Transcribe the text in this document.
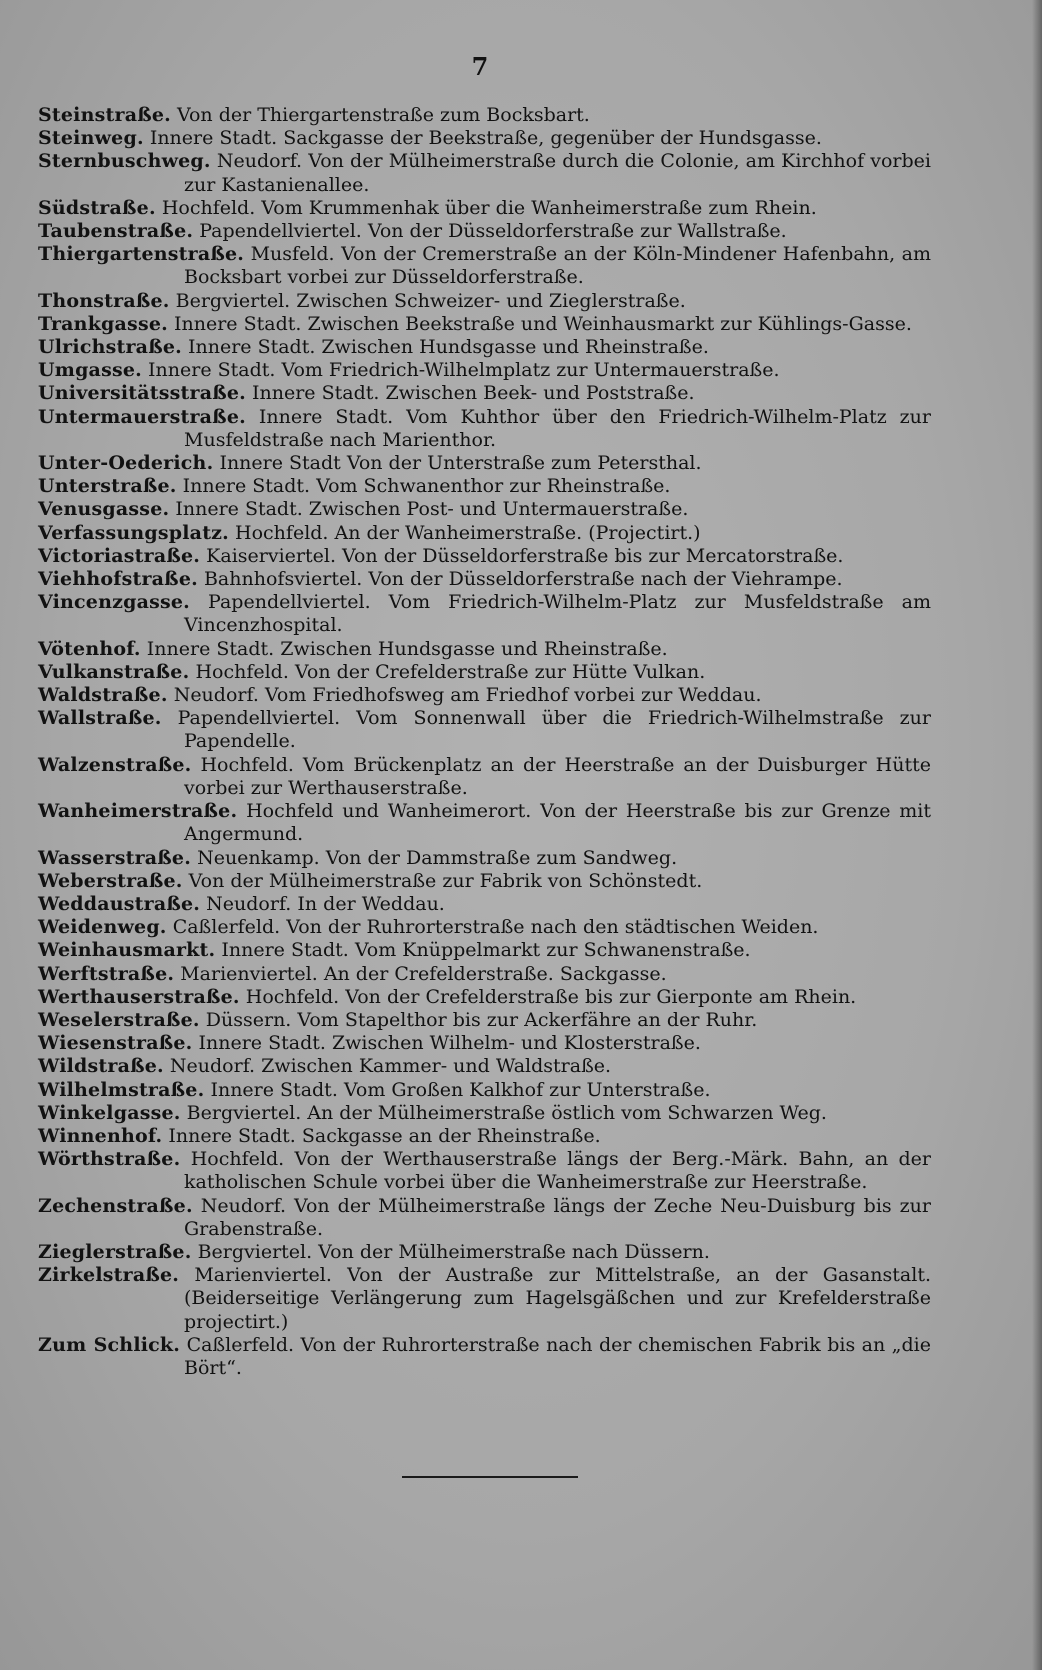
7

Steinstraße. Von der Thiergartenstraße zum Bocksbart.

Steinweg. Innere Stadt. Sackgasse der Beekstraße, gegenüber der Hundsgasse.

Sternbuschweg. Neudorf. Von der Mülheimerstraße durch die Colonie, am Kirchhof vorbei zur Kastanienallee.

Südstraße. Hochfeld. Vom Krummenhak über die Wanheimerstraße zum Rhein.

Taubenstraße. Papendellviertel. Von der Düsseldorferstraße zur Wallstraße.

Thiergartenstraße. Musfeld. Von der Cremerstraße an der Köln-Mindener Hafenbahn, am Bocksbart vorbei zur Düsseldorferstraße.

Thonstraße. Bergviertel. Zwischen Schweizer- und Zieglerstraße.

Trankgasse. Innere Stadt. Zwischen Beekstraße und Weinhausmarkt zur Kühlings-Gasse.

Ulrichstraße. Innere Stadt. Zwischen Hundsgasse und Rheinstraße.

Umgasse. Innere Stadt. Vom Friedrich-Wilhelmplatz zur Untermauerstraße.

Universitätsstraße. Innere Stadt. Zwischen Beek- und Poststraße.

Untermauerstraße. Innere Stadt. Vom Kuhthor über den Friedrich-Wilhelm-Platz zur Musfeldstraße nach Marienthor.

Unter-Oederich. Innere Stadt Von der Unterstraße zum Petersthal.

Unterstraße. Innere Stadt. Vom Schwanenthor zur Rheinstraße.

Venusgasse. Innere Stadt. Zwischen Post- und Untermauerstraße.

Verfassungsplatz. Hochfeld. An der Wanheimerstraße. (Projectirt.)

Victoriastraße. Kaiserviertel. Von der Düsseldorferstraße bis zur Mercatorstraße.

Viehhofstraße. Bahnhofsviertel. Von der Düsseldorferstraße nach der Viehrampe.

Vincenzgasse. Papendellviertel. Vom Friedrich-Wilhelm-Platz zur Musfeldstraße am Vincenzhospital.

Vötenhof. Innere Stadt. Zwischen Hundsgasse und Rheinstraße.

Vulkanstraße. Hochfeld. Von der Crefelderstraße zur Hütte Vulkan.

Waldstraße. Neudorf. Vom Friedhofsweg am Friedhof vorbei zur Weddau.

Wallstraße. Papendellviertel. Vom Sonnenwall über die Friedrich-Wilhelmstraße zur Papendelle.

Walzenstraße. Hochfeld. Vom Brückenplatz an der Heerstraße an der Duisburger Hütte vorbei zur Werthauserstraße.

Wanheimerstraße. Hochfeld und Wanheimerort. Von der Heerstraße bis zur Grenze mit Angermund.

Wasserstraße. Neuenkamp. Von der Dammstraße zum Sandweg.

Weberstraße. Von der Mülheimerstraße zur Fabrik von Schönstedt.

Weddaustraße. Neudorf. In der Weddau.

Weidenweg. Caßlerfeld. Von der Ruhrorterstraße nach den städtischen Weiden.

Weinhausmarkt. Innere Stadt. Vom Knüppelmarkt zur Schwanenstraße.

Werftstraße. Marienviertel. An der Crefelderstraße. Sackgasse.

Werthauserstraße. Hochfeld. Von der Crefelderstraße bis zur Gierponte am Rhein.

Weselerstraße. Düssern. Vom Stapelthor bis zur Ackerfähre an der Ruhr.

Wiesenstraße. Innere Stadt. Zwischen Wilhelm- und Klosterstraße.

Wildstraße. Neudorf. Zwischen Kammer- und Waldstraße.

Wilhelmstraße. Innere Stadt. Vom Großen Kalkhof zur Unterstraße.

Winkelgasse. Bergviertel. An der Mülheimerstraße östlich vom Schwarzen Weg.

Winnenhof. Innere Stadt. Sackgasse an der Rheinstraße.

Wörthstraße. Hochfeld. Von der Werthauserstraße längs der Berg.-Märk. Bahn, an der katholischen Schule vorbei über die Wanheimerstraße zur Heerstraße.

Zechenstraße. Neudorf. Von der Mülheimerstraße längs der Zeche Neu-Duisburg bis zur Grabenstraße.

Zieglerstraße. Bergviertel. Von der Mülheimerstraße nach Düssern.

Zirkelstraße. Marienviertel. Von der Austraße zur Mittelstraße, an der Gasanstalt. (Beiderseitige Verlängerung zum Hagelsgäßchen und zur Krefelderstraße projectirt.)

Zum Schlick. Caßlerfeld. Von der Ruhrorterstraße nach der chemischen Fabrik bis an „die Bört“.
